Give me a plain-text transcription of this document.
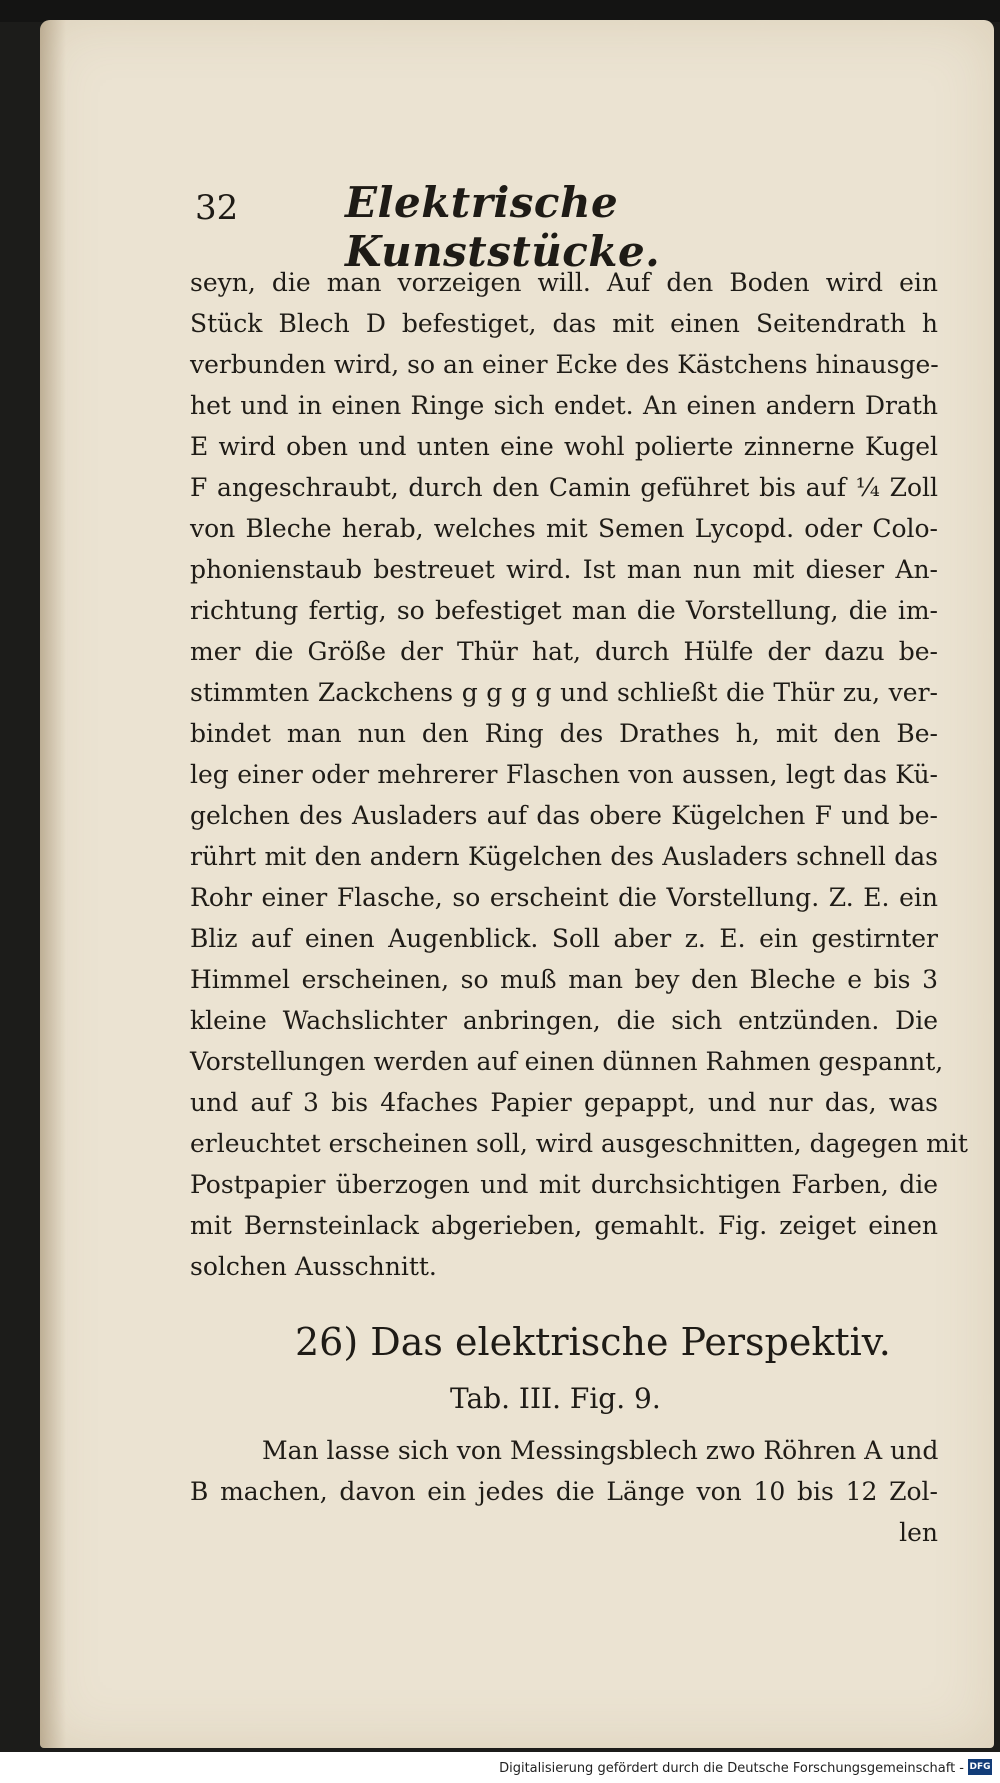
32	Elektrische Kunststücke.
seyn, die man vorzeigen will. Auf den Boden wird ein
Stück Blech D befestiget, das mit einen Seitendrath h
verbunden wird, so an einer Ecke des Kästchens hinausge-
het und in einen Ringe sich endet. An einen andern Drath
E wird oben und unten eine wohl polierte zinnerne Kugel
F angeschraubt, durch den Camin geführet bis auf ¼ Zoll
von Bleche herab, welches mit Semen Lycopd. oder Colo-
phonienstaub bestreuet wird. Ist man nun mit dieser An-
richtung fertig, so befestiget man die Vorstellung, die im-
mer die Größe der Thür hat, durch Hülfe der dazu be-
stimmten Zackchens g g g g und schließt die Thür zu, ver-
bindet man nun den Ring des Drathes h, mit den Be-
leg einer oder mehrerer Flaschen von aussen, legt das Kü-
gelchen des Ausladers auf das obere Kügelchen F und be-
rührt mit den andern Kügelchen des Ausladers schnell das
Rohr einer Flasche, so erscheint die Vorstellung. Z. E. ein
Bliz auf einen Augenblick. Soll aber z. E. ein gestirnter
Himmel erscheinen, so muß man bey den Bleche e bis 3
kleine Wachslichter anbringen, die sich entzünden. Die
Vorstellungen werden auf einen dünnen Rahmen gespannt,
und auf 3 bis 4faches Papier gepappt, und nur das, was
erleuchtet erscheinen soll, wird ausgeschnitten, dagegen mit
Postpapier überzogen und mit durchsichtigen Farben, die
mit Bernsteinlack abgerieben, gemahlt. Fig. zeiget einen
solchen Ausschnitt.
26) Das elektrische Perspektiv.
Tab. III. Fig. 9.
Man lasse sich von Messingsblech zwo Röhren A und
B machen, davon ein jedes die Länge von 10 bis 12 Zol-
len
Digitalisierung gefördert durch die Deutsche Forschungsgemeinschaft - DFG
